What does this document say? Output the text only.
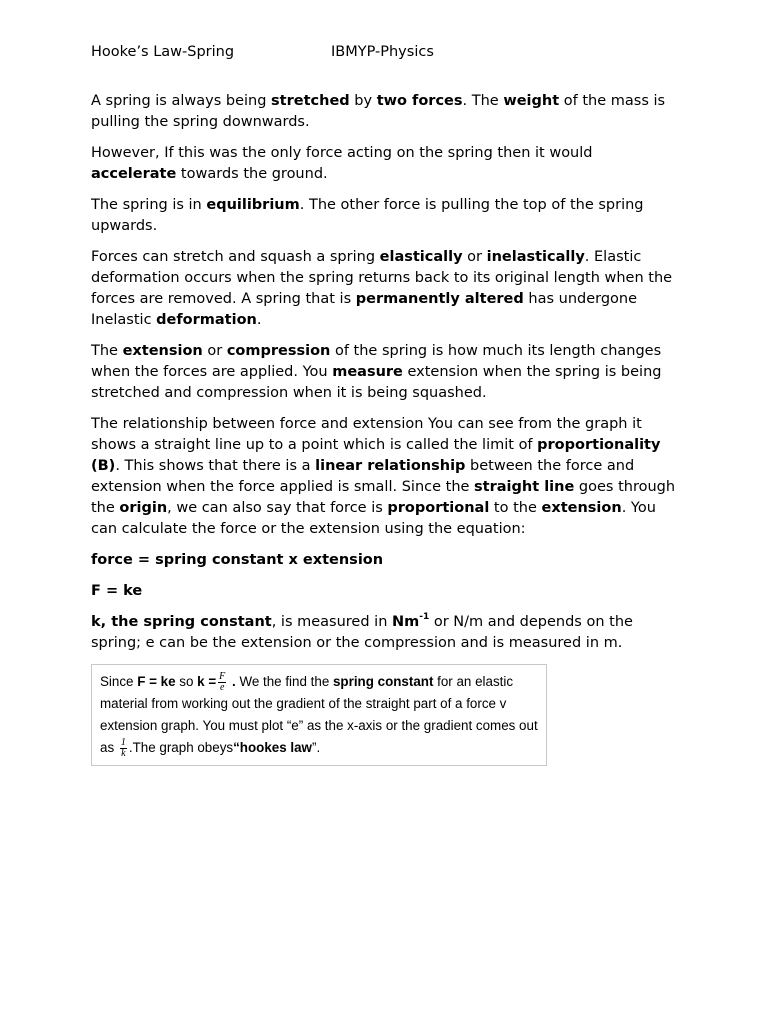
Hooke’s Law-Spring	IBMYP-Physics

A spring is always being stretched by two forces. The weight of the mass is pulling the spring downwards.

However, If this was the only force acting on the spring then it would accelerate towards the ground.

The spring is in equilibrium. The other force is pulling the top of the spring upwards.

Forces can stretch and squash a spring elastically or inelastically. Elastic deformation occurs when the spring returns back to its original length when the forces are removed. A spring that is permanently altered has undergone Inelastic deformation.

The extension or compression of the spring is how much its length changes when the forces are applied. You measure extension when the spring is being stretched and compression when it is being squashed.

The relationship between force and extension You can see from the graph it shows a straight line up to a point which is called the limit of proportionality (B). This shows that there is a linear relationship between the force and extension when the force applied is small. Since the straight line goes through the origin, we can also say that force is proportional to the extension. You can calculate the force or the extension using the equation:

force = spring constant x extension

F = ke

k, the spring constant, is measured in $Nm^{-1}$ or N/m and depends on the spring; e can be the extension or the compression and is measured in m.

Since F = ke so $k = \frac{F}{e}$ . We the find the spring constant for an elastic material from working out the gradient of the straight part of a force v extension graph. You must plot “e” as the x-axis or the gradient comes out as $\frac{1}{k} .The$ graph obeys“hookes law”.
